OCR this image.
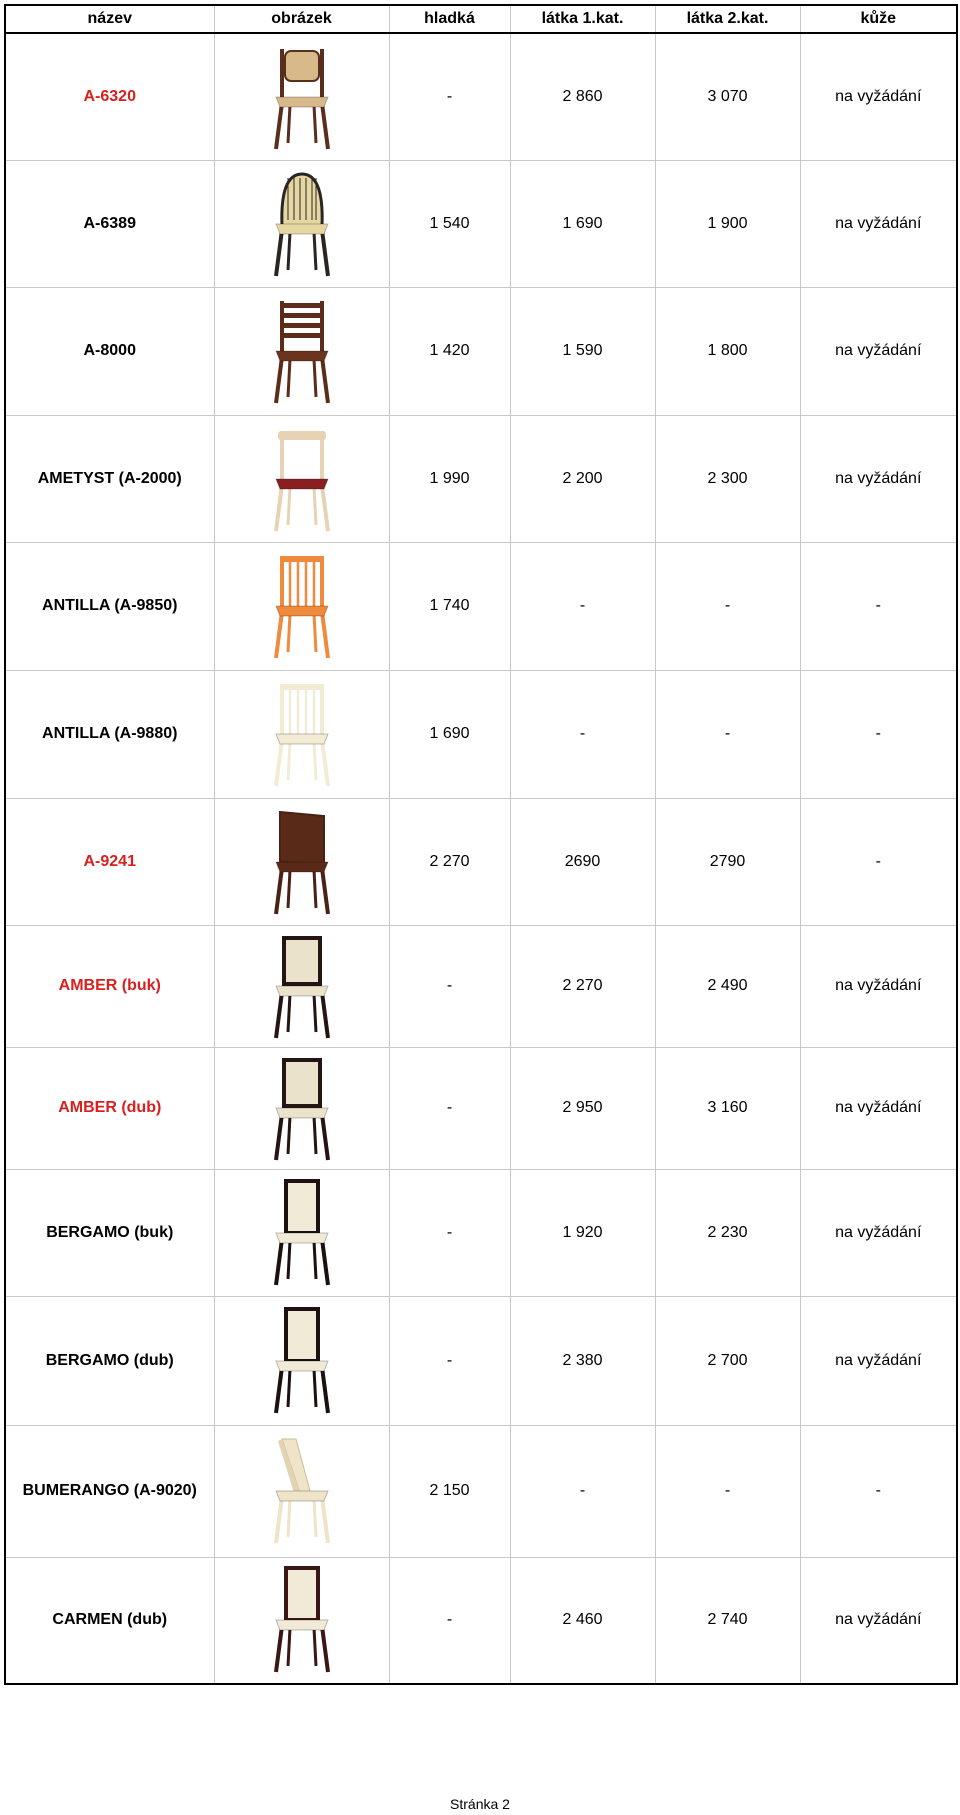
název	obrázek	hladká	látka 1.kat.	látka 2.kat.	kůže
A-6320		-	2 860	3 070	na vyžádání
A-6389		1 540	1 690	1 900	na vyžádání
A-8000		1 420	1 590	1 800	na vyžádání
AMETYST (A-2000)		1 990	2 200	2 300	na vyžádání
ANTILLA (A-9850)		1 740	-	-	-
ANTILLA (A-9880)		1 690	-	-	-
A-9241		2 270	2690	2790	-
AMBER (buk)		-	2 270	2 490	na vyžádání
AMBER (dub)		-	2 950	3 160	na vyžádání
BERGAMO (buk)		-	1 920	2 230	na vyžádání
BERGAMO (dub)		-	2 380	2 700	na vyžádání
BUMERANGO (A-9020)		2 150	-	-	-
CARMEN (dub)		-	2 460	2 740	na vyžádání
Stránka 2
